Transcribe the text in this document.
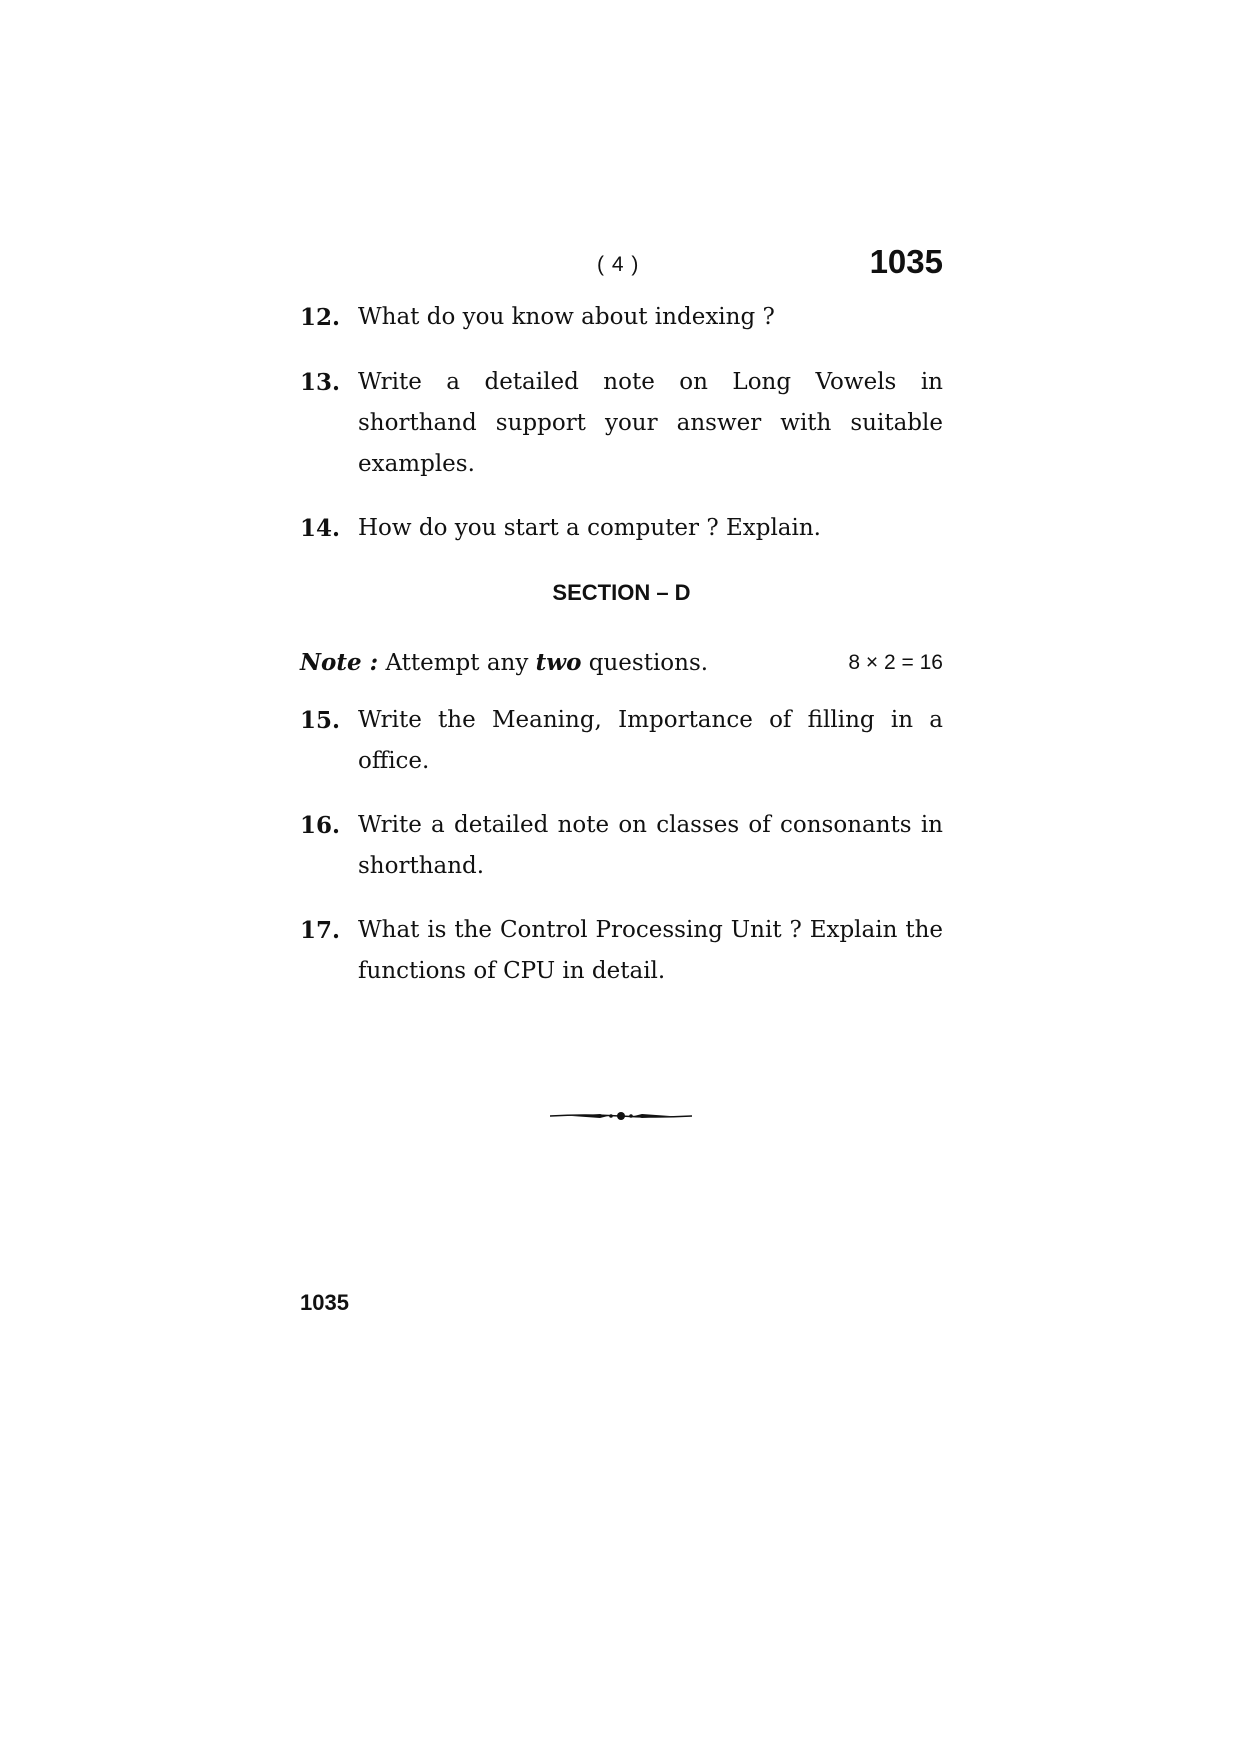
( 4 )	1035
12. What do you know about indexing ?
13. Write a detailed note on Long Vowels in shorthand support your answer with suitable examples.
14. How do you start a computer ? Explain.
SECTION – D
Note : Attempt any two questions.	8 × 2 = 16
15. Write the Meaning, Importance of filling in a office.
16. Write a detailed note on classes of consonants in shorthand.
17. What is the Control Processing Unit ? Explain the functions of CPU in detail.
1035
